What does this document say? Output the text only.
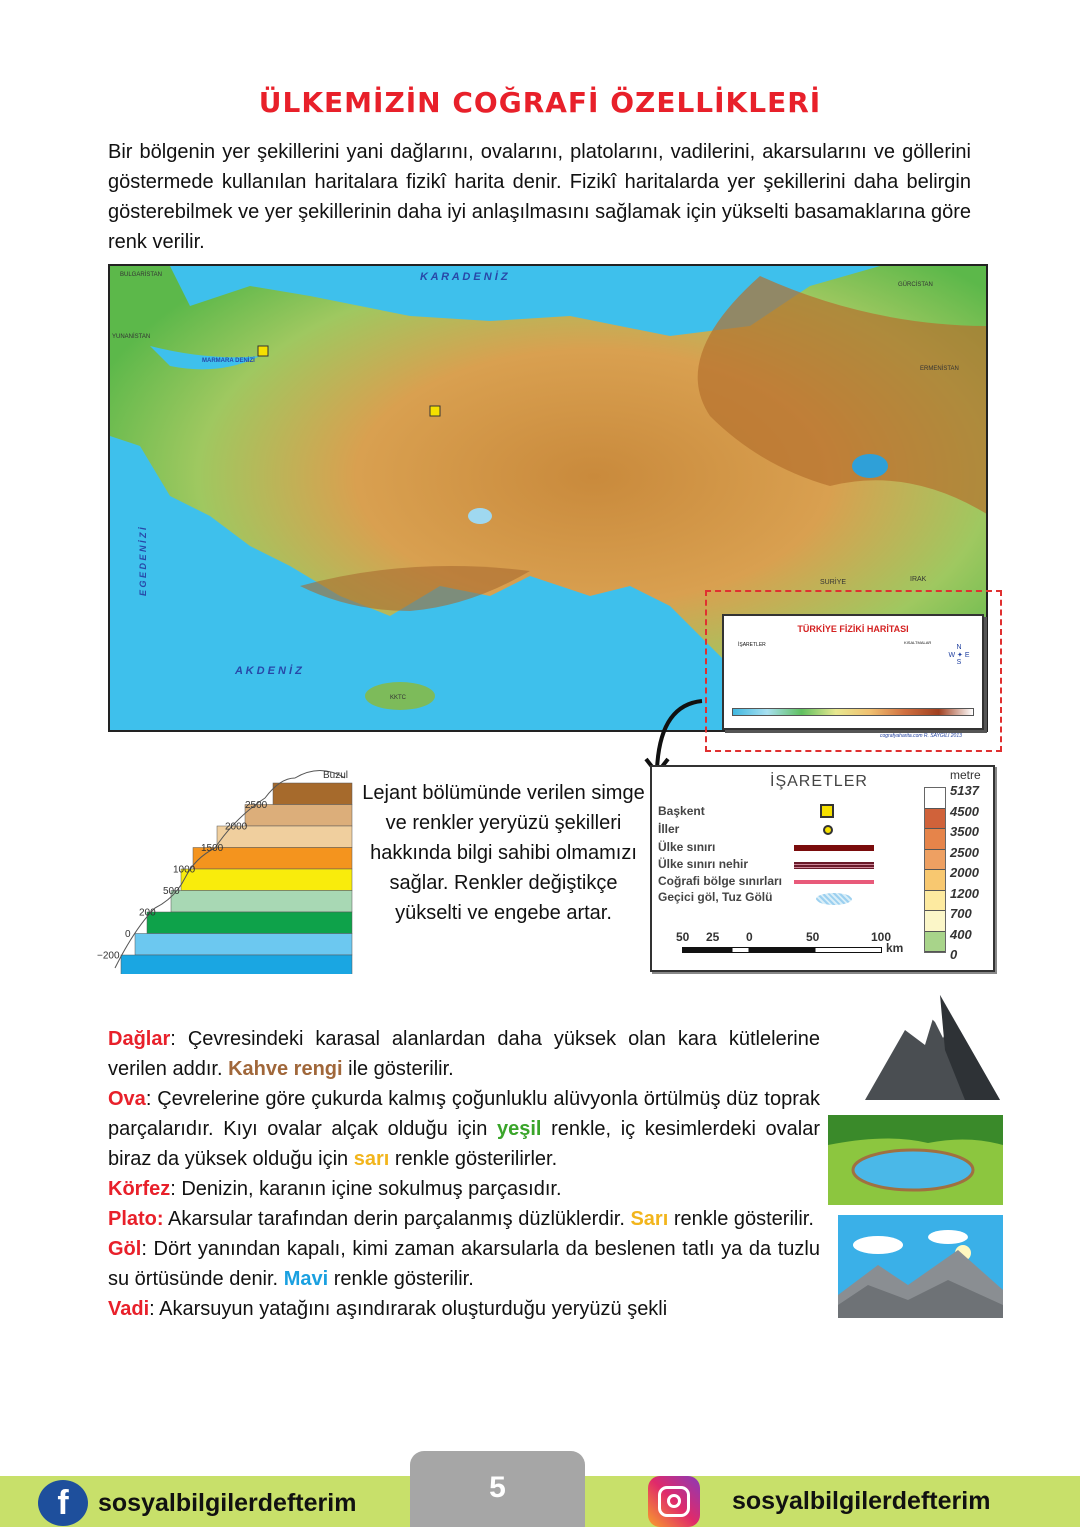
ÜLKEMİZİN COĞRAFİ ÖZELLİKLERİ

Bir bölgenin yer şekillerini yani dağlarını, ovalarını, platolarını, vadilerini, akarsularını ve göllerini göstermede kullanılan haritalara fizikî harita denir. Fizikî haritalarda yer şekillerini daha belirgin gösterebilmek ve yer şekillerinin daha iyi anlaşılmasını sağlamak için yükselti basamaklarına göre renk verilir.

K A R A D E N İ Z
A K D E N İ Z
E G E D E N İ Z İ
MARMARA DENİZİ
BULGARİSTAN
YUNANİSTAN
SURİYE	IRAK
ERMENİSTAN
GÜRCİSTAN
KKTC
TÜRKİYE FİZİKİ HARİTASI
İŞARETLER	KISALTMALAR
N
W ✦ E
S
cografyaharita.com R. SAYGILI 2013
Buzul
2500
2000
1500
1000
500
200
0
−200
Lejant bölümünde verilen simge ve renkler yeryüzü şekilleri hakkında bilgi sahibi olmamızı sağlar. Renkler değiştikçe yükselti ve engebe artar.
İŞARETLER
Başkent
İller
Ülke sınırı
Ülke sınırı nehir
Coğrafi bölge sınırları
Geçici göl, Tuz Gölü
50 25 0	50	100
km
metre
5137
4500
3500
2500
2000
1200
700
400
0
Dağlar: Çevresindeki karasal alanlardan daha yüksek olan kara kütlelerine verilen addır. Kahve rengi ile gösterilir.
Ova: Çevrelerine göre çukurda kalmış çoğunluklu alüvyonla örtülmüş düz toprak parçalarıdır. Kıyı ovalar alçak olduğu için yeşil renkle, iç kesimlerdeki ovalar biraz da yüksek olduğu için sarı renkle gösterilirler.
Körfez: Denizin, karanın içine sokulmuş parçasıdır.
Plato: Akarsular tarafından derin parçalanmış düzlüklerdir. Sarı renkle gösterilir.
Göl: Dört yanından kapalı, kimi zaman akarsularla da beslenen tatlı ya da tuzlu su örtüsünde denir. Mavi renkle gösterilir.
Vadi: Akarsuyun yatağını aşındırarak oluşturduğu yeryüzü şekli
5
f	sosyalbilgilerdefterim	sosyalbilgilerdefterim
